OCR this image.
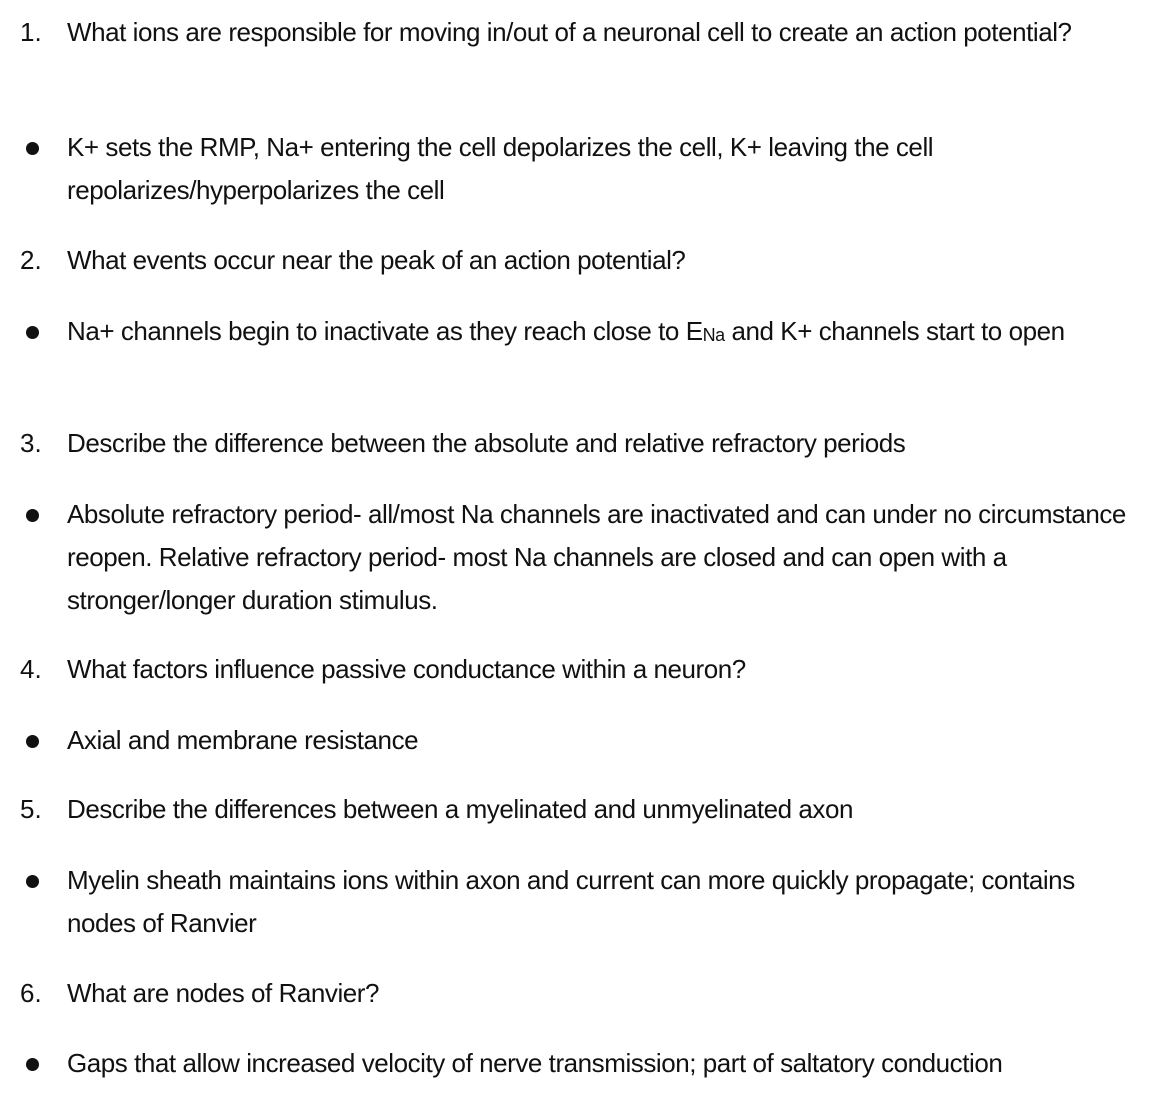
1. What ions are responsible for moving in/out of a neuronal cell to create an action potential?
K+ sets the RMP, Na+ entering the cell depolarizes the cell, K+ leaving the cell repolarizes/hyperpolarizes the cell
2. What events occur near the peak of an action potential?
Na+ channels begin to inactivate as they reach close to $E_{Na}$ and K+ channels start to open
3. Describe the difference between the absolute and relative refractory periods
Absolute refractory period- all/most Na channels are inactivated and can under no circumstance reopen. Relative refractory period- most Na channels are closed and can open with a stronger/longer duration stimulus.
4. What factors influence passive conductance within a neuron?
Axial and membrane resistance
5. Describe the differences between a myelinated and unmyelinated axon
Myelin sheath maintains ions within axon and current can more quickly propagate; contains nodes of Ranvier
6. What are nodes of Ranvier?
Gaps that allow increased velocity of nerve transmission; part of saltatory conduction
